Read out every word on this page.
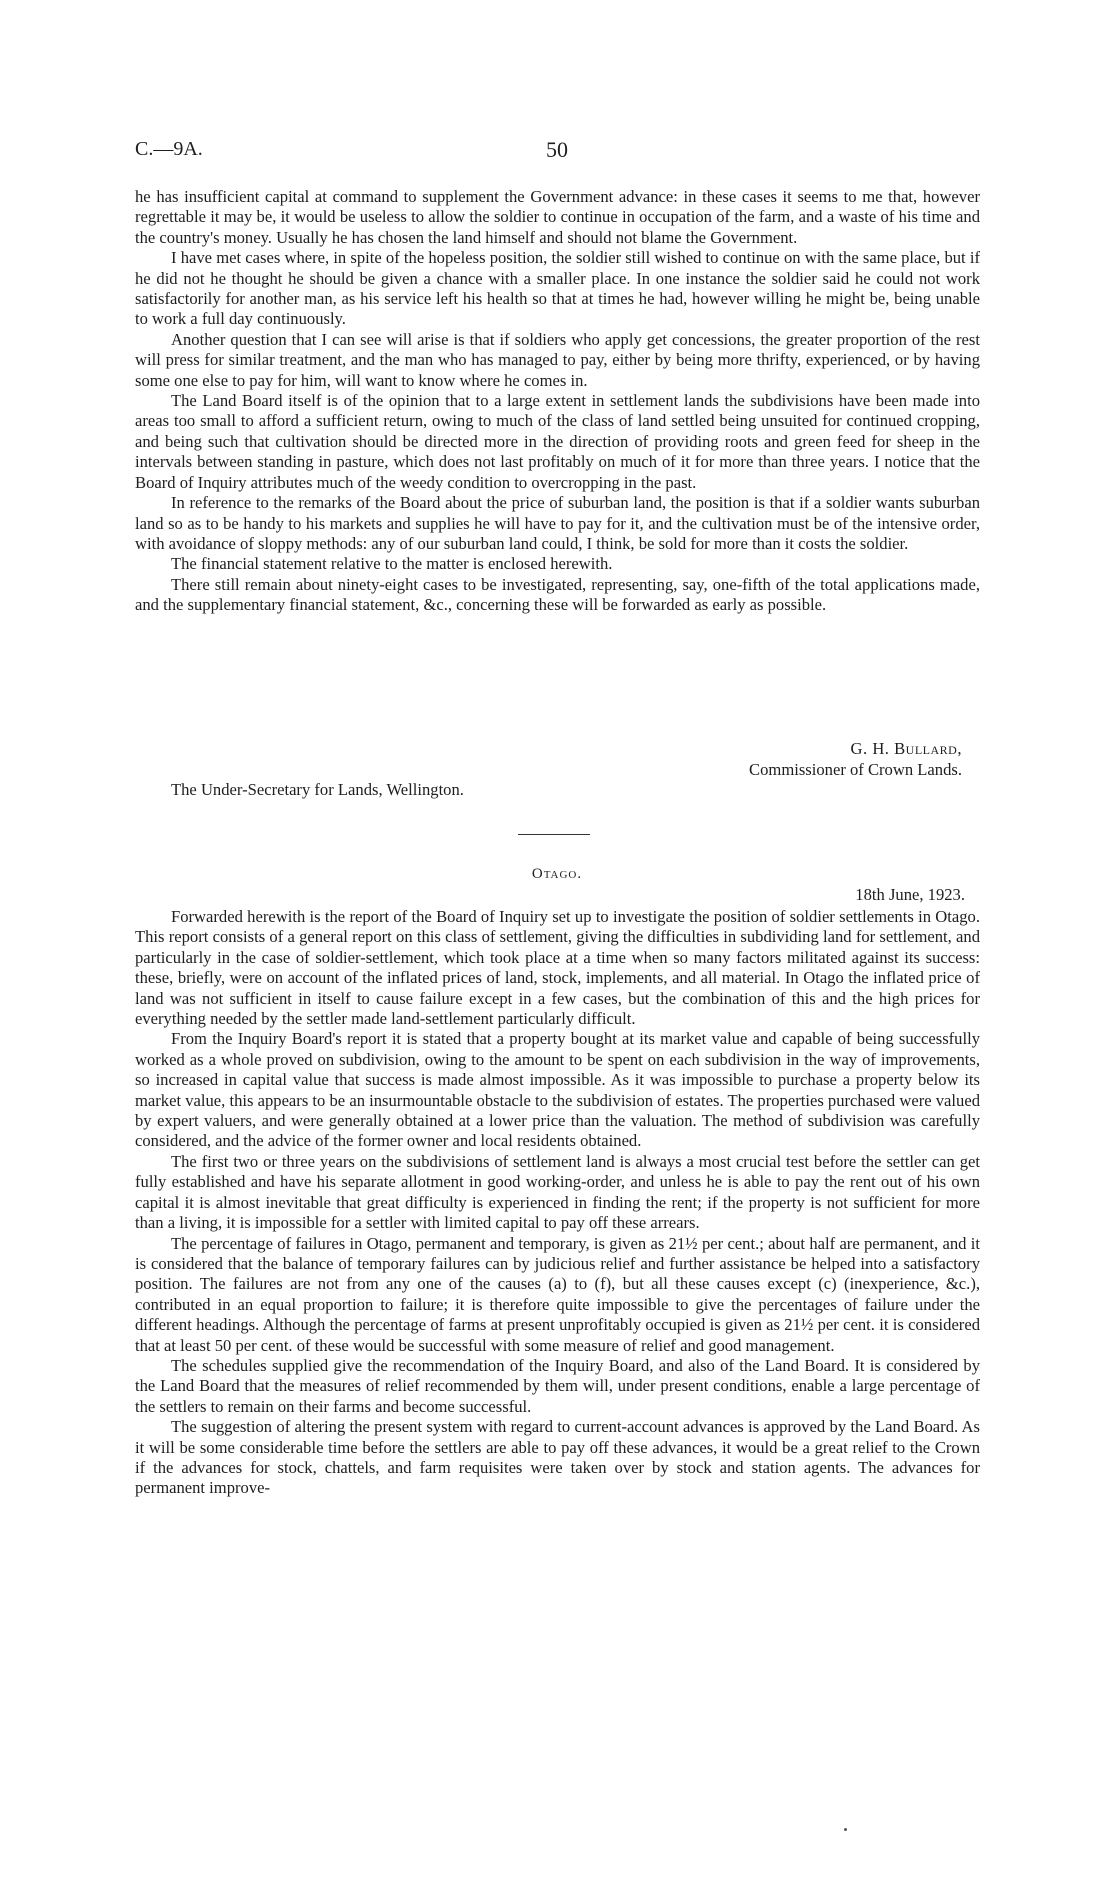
C.—9A.	50

he has insufficient capital at command to supplement the Government advance: in these cases it seems to me that, however regrettable it may be, it would be useless to allow the soldier to continue in occupation of the farm, and a waste of his time and the country's money. Usually he has chosen the land himself and should not blame the Government.

I have met cases where, in spite of the hopeless position, the soldier still wished to continue on with the same place, but if he did not he thought he should be given a chance with a smaller place. In one instance the soldier said he could not work satisfactorily for another man, as his service left his health so that at times he had, however willing he might be, being unable to work a full day continuously.

Another question that I can see will arise is that if soldiers who apply get concessions, the greater proportion of the rest will press for similar treatment, and the man who has managed to pay, either by being more thrifty, experienced, or by having some one else to pay for him, will want to know where he comes in.

The Land Board itself is of the opinion that to a large extent in settlement lands the subdivisions have been made into areas too small to afford a sufficient return, owing to much of the class of land settled being unsuited for continued cropping, and being such that cultivation should be directed more in the direction of providing roots and green feed for sheep in the intervals between standing in pasture, which does not last profitably on much of it for more than three years. I notice that the Board of Inquiry attributes much of the weedy condition to overcropping in the past.

In reference to the remarks of the Board about the price of suburban land, the position is that if a soldier wants suburban land so as to be handy to his markets and supplies he will have to pay for it, and the cultivation must be of the intensive order, with avoidance of sloppy methods: any of our suburban land could, I think, be sold for more than it costs the soldier.

The financial statement relative to the matter is enclosed herewith.

There still remain about ninety-eight cases to be investigated, representing, say, one-fifth of the total applications made, and the supplementary financial statement, &c., concerning these will be forwarded as early as possible.

G. H. Bullard,
Commissioner of Crown Lands.
The Under-Secretary for Lands, Wellington.
Otago.
18th June, 1923.

Forwarded herewith is the report of the Board of Inquiry set up to investigate the position of soldier settlements in Otago. This report consists of a general report on this class of settlement, giving the difficulties in subdividing land for settlement, and particularly in the case of soldier-settlement, which took place at a time when so many factors militated against its success: these, briefly, were on account of the inflated prices of land, stock, implements, and all material. In Otago the inflated price of land was not sufficient in itself to cause failure except in a few cases, but the combination of this and the high prices for everything needed by the settler made land-settlement particularly difficult.

From the Inquiry Board's report it is stated that a property bought at its market value and capable of being successfully worked as a whole proved on subdivision, owing to the amount to be spent on each subdivision in the way of improvements, so increased in capital value that success is made almost impossible. As it was impossible to purchase a property below its market value, this appears to be an insurmountable obstacle to the subdivision of estates. The properties purchased were valued by expert valuers, and were generally obtained at a lower price than the valuation. The method of subdivision was carefully considered, and the advice of the former owner and local residents obtained.

The first two or three years on the subdivisions of settlement land is always a most crucial test before the settler can get fully established and have his separate allotment in good working-order, and unless he is able to pay the rent out of his own capital it is almost inevitable that great difficulty is experienced in finding the rent; if the property is not sufficient for more than a living, it is impossible for a settler with limited capital to pay off these arrears.

The percentage of failures in Otago, permanent and temporary, is given as 21½ per cent.; about half are permanent, and it is considered that the balance of temporary failures can by judicious relief and further assistance be helped into a satisfactory position. The failures are not from any one of the causes (a) to (f), but all these causes except (c) (inexperience, &c.), contributed in an equal proportion to failure; it is therefore quite impossible to give the percentages of failure under the different headings. Although the percentage of farms at present unprofitably occupied is given as 21½ per cent. it is considered that at least 50 per cent. of these would be successful with some measure of relief and good management.

The schedules supplied give the recommendation of the Inquiry Board, and also of the Land Board. It is considered by the Land Board that the measures of relief recommended by them will, under present conditions, enable a large percentage of the settlers to remain on their farms and become successful.

The suggestion of altering the present system with regard to current-account advances is approved by the Land Board. As it will be some considerable time before the settlers are able to pay off these advances, it would be a great relief to the Crown if the advances for stock, chattels, and farm requisites were taken over by stock and station agents. The advances for permanent improve-
